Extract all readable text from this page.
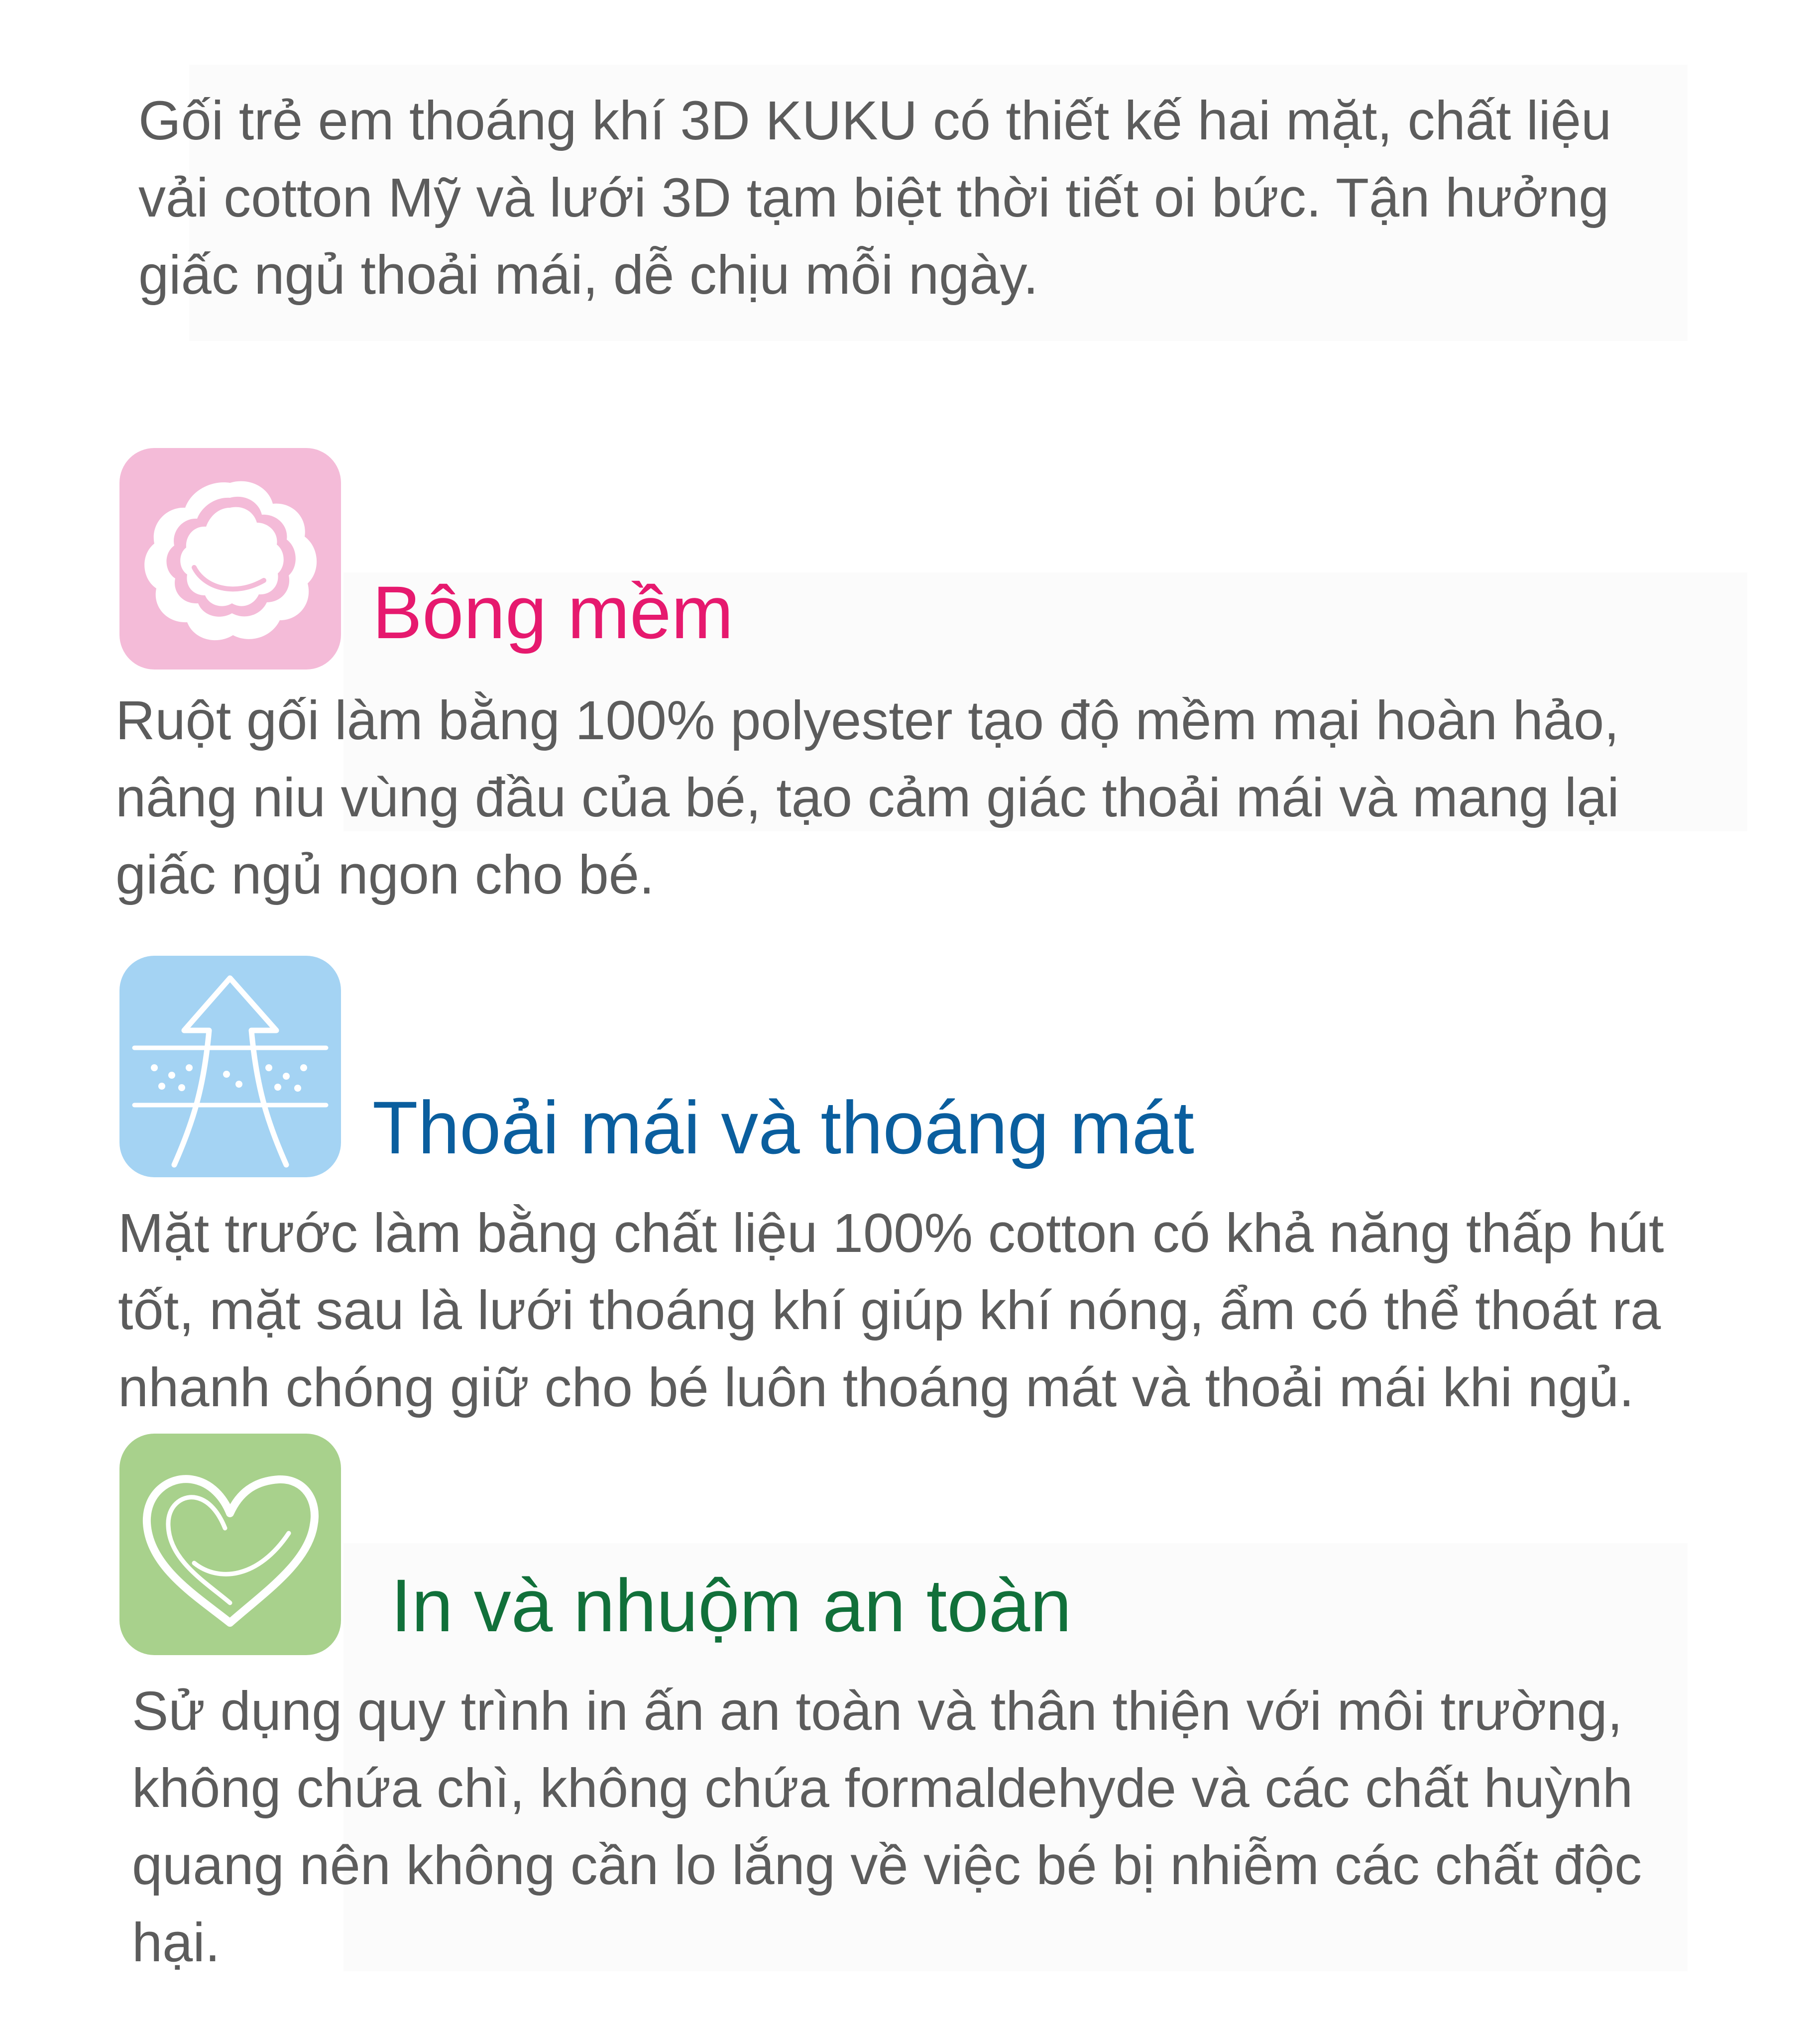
Gối trẻ em thoáng khí 3D KUKU có thiết kế hai mặt, chất liệu vải cotton Mỹ và lưới 3D tạm biệt thời tiết oi bức. Tận hưởng giấc ngủ thoải mái, dễ chịu mỗi ngày.

Bông mềm

Ruột gối làm bằng 100% polyester tạo độ mềm mại hoàn hảo, nâng niu vùng đầu của bé, tạo cảm giác thoải mái và mang lại giấc ngủ ngon cho bé.

Thoải mái và thoáng mát

Mặt trước làm bằng chất liệu 100% cotton có khả năng thấp hút tốt, mặt sau là lưới thoáng khí giúp khí nóng, ẩm có thể thoát ra nhanh chóng giữ cho bé luôn thoáng mát và thoải mái khi ngủ.

In và nhuộm an toàn

Sử dụng quy trình in ấn an toàn và thân thiện với môi trường, không chứa chì, không chứa formaldehyde và các chất huỳnh quang nên không cần lo lắng về việc bé bị nhiễm các chất độc hại.
